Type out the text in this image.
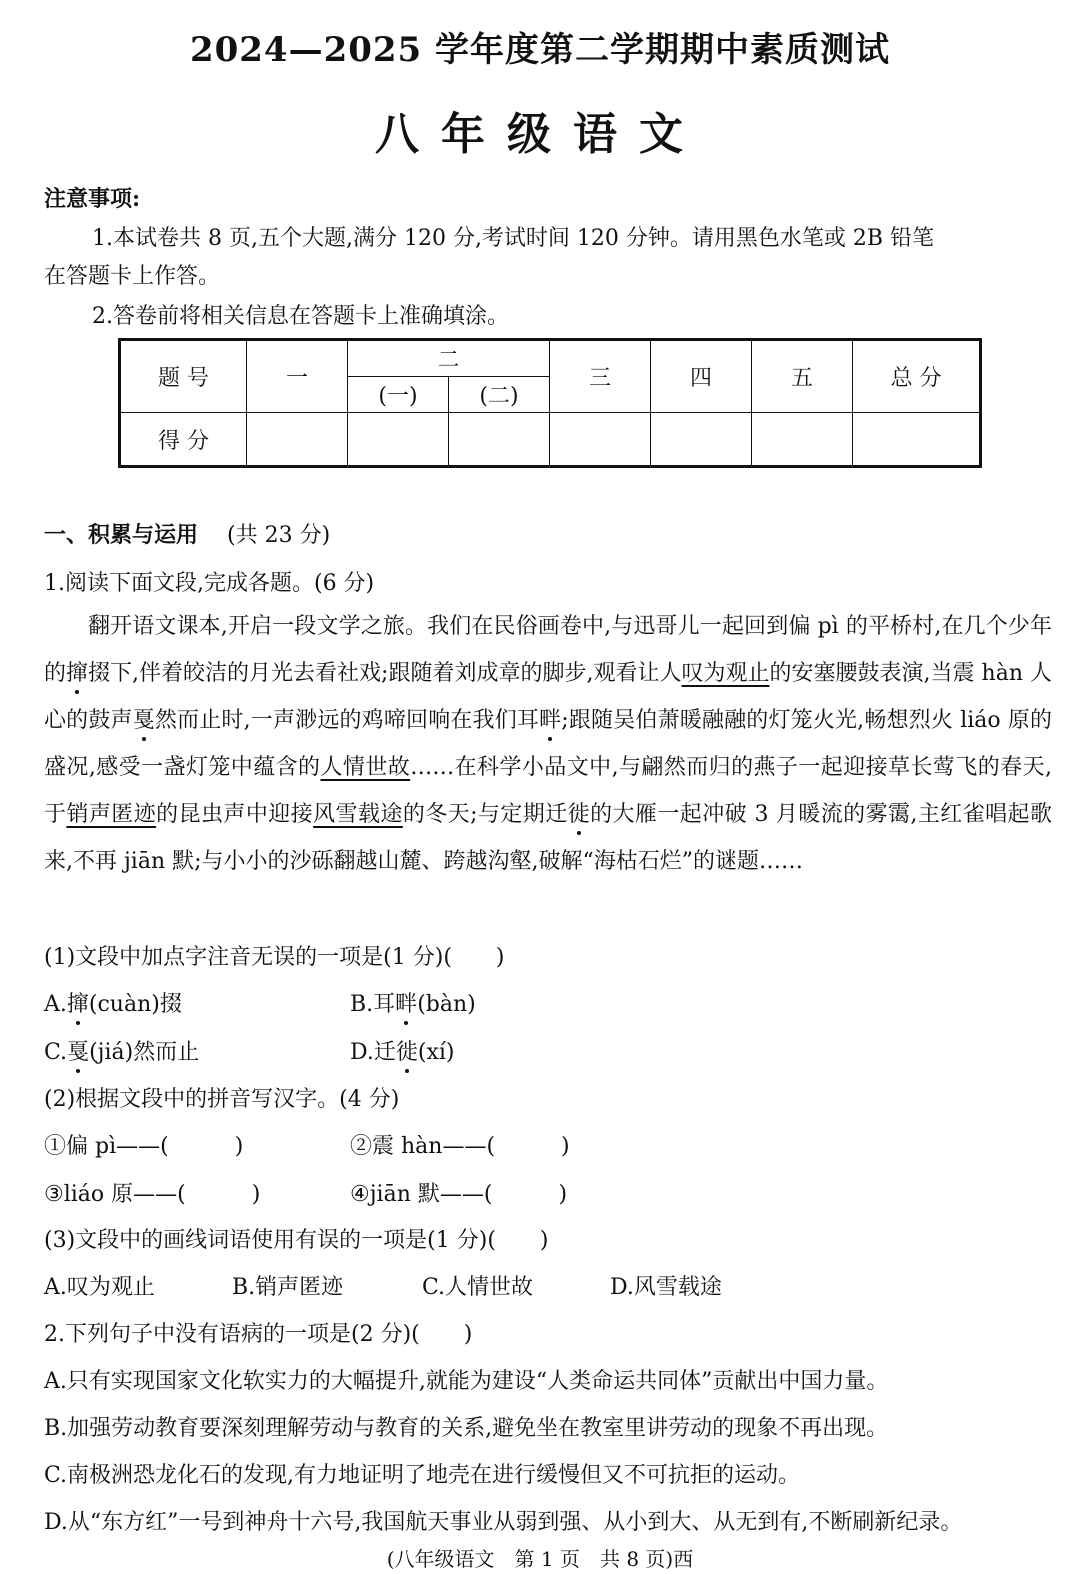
2024—2025 学年度第二学期期中素质测试
八年级语文
注意事项:
1.本试卷共 8 页,五个大题,满分 120 分,考试时间 120 分钟。请用黑色水笔或 2B 铅笔
在答题卡上作答。
2.答卷前将相关信息在答题卡上准确填涂。
题 号	一	二		三	四	五	总 分
		(一)	(二)				
得 分							
一、积累与运用 (共 23 分)
1.阅读下面文段,完成各题。(6 分)
翻开语文课本,开启一段文学之旅。我们在民俗画卷中,与迅哥儿一起回到偏 pì 的平桥村,在几个少年的撺掇下,伴着皎洁的月光去看社戏;跟随着刘成章的脚步,观看让人叹为观止的安塞腰鼓表演,当震 hàn 人心的鼓声戛然而止时,一声渺远的鸡啼回响在我们耳畔;跟随吴伯萧暖融融的灯笼火光,畅想烈火 liáo 原的盛况,感受一盏灯笼中蕴含的人情世故……在科学小品文中,与翩然而归的燕子一起迎接草长莺飞的春天,于销声匿迹的昆虫声中迎接风雪载途的冬天;与定期迁徙的大雁一起冲破 3 月暖流的雾霭,主红雀唱起歌来,不再 jiān 默;与小小的沙砾翻越山麓、跨越沟壑,破解“海枯石烂”的谜题……
(1)文段中加点字注音无误的一项是(1 分)(　　)
A.撺(cuàn)掇	B.耳畔(bàn)
C.戛(jiá)然而止	D.迁徙(xí)
(2)根据文段中的拼音写汉字。(4 分)
①偏 pì——(　　　)	②震 hàn——(　　　)
③liáo 原——(　　　)	④jiān 默——(　　　)
(3)文段中的画线词语使用有误的一项是(1 分)(　　)
A.叹为观止	B.销声匿迹	C.人情世故	D.风雪载途
2.下列句子中没有语病的一项是(2 分)(　　)
A.只有实现国家文化软实力的大幅提升,就能为建设“人类命运共同体”贡献出中国力量。
B.加强劳动教育要深刻理解劳动与教育的关系,避免坐在教室里讲劳动的现象不再出现。
C.南极洲恐龙化石的发现,有力地证明了地壳在进行缓慢但又不可抗拒的运动。
D.从“东方红”一号到神舟十六号,我国航天事业从弱到强、从小到大、从无到有,不断刷新纪录。
(八年级语文　第 1 页　共 8 页)西
